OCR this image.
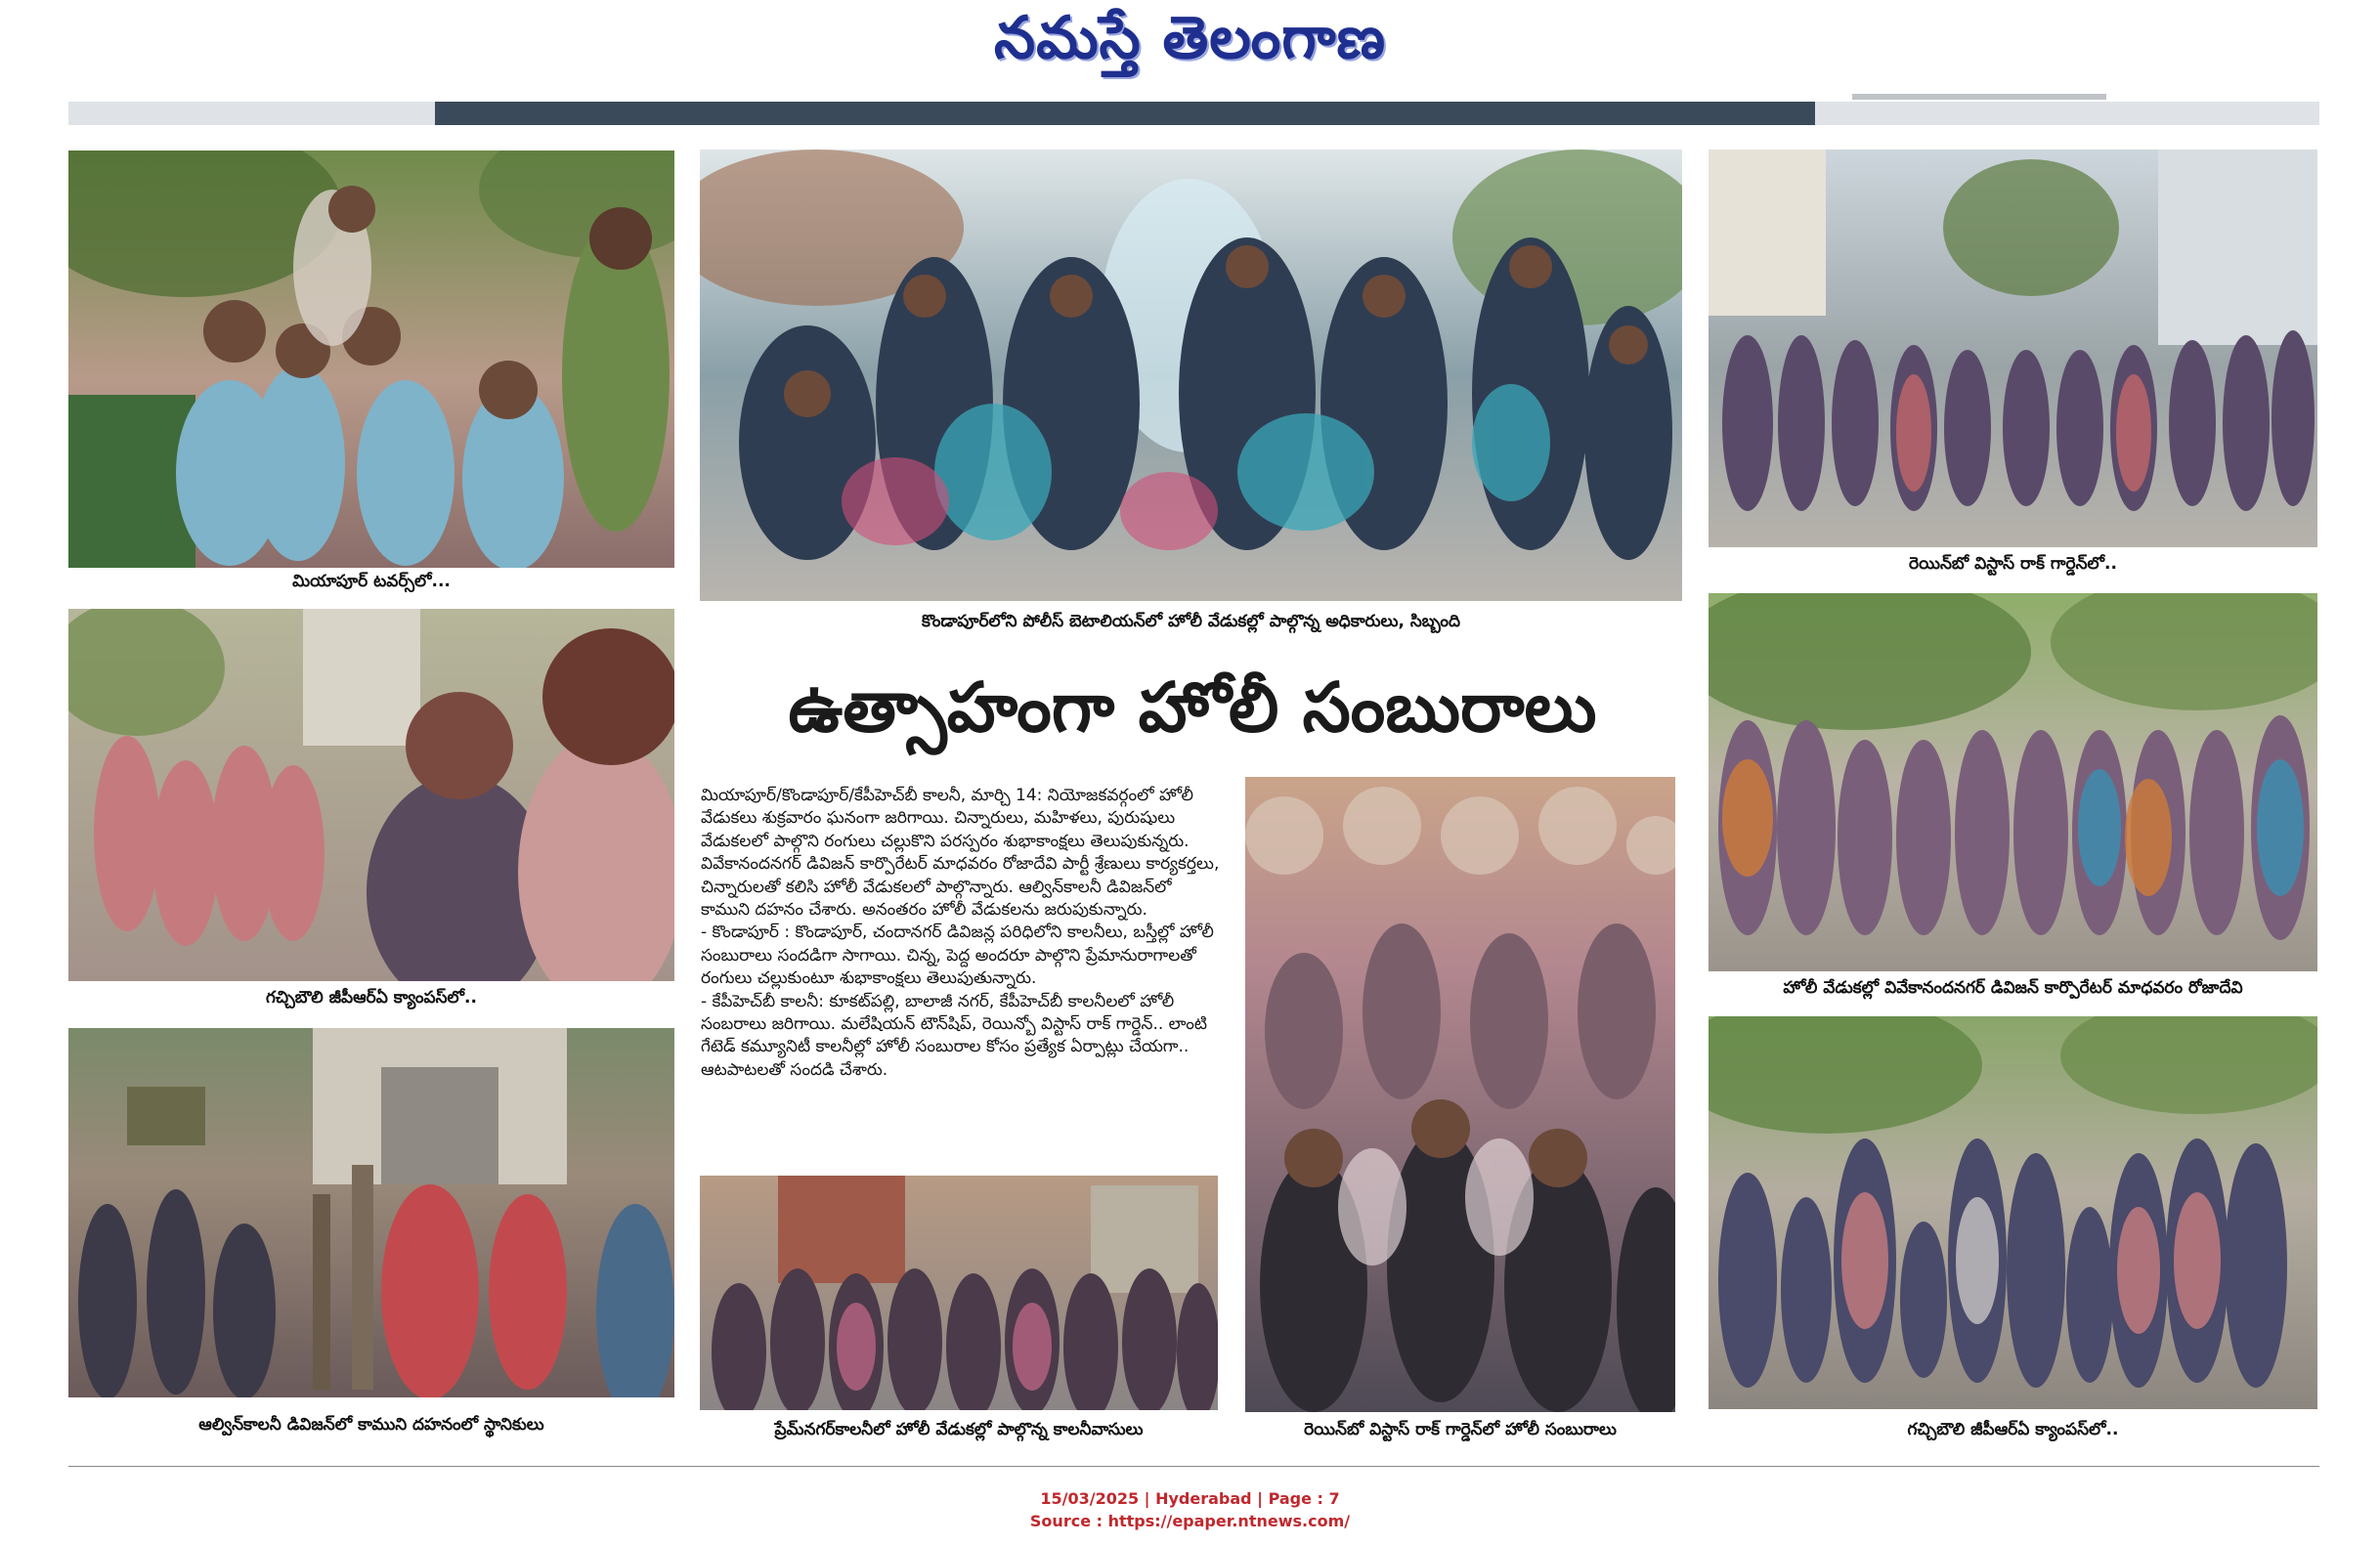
నమస్తే తెలంగాణ
మియాపూర్ టవర్స్‌లో...
కొండాపూర్‌లోని పోలీస్ బెటాలియన్‌లో హోలీ వేడుకల్లో పాల్గొన్న అధికారులు, సిబ్బంది
రెయిన్‌బో విస్టాస్ రాక్ గార్డెన్‌లో..
గచ్చిబౌలి జీపీఆర్ఏ క్యాంపస్‌లో..
ఉత్సాహంగా హోలీ సంబురాలు

మియాపూర్/కొండాపూర్/కేపీహెచ్‌బీ కాలనీ, మార్చి 14: నియోజకవర్గంలో హోలీ వేడుకలు శుక్రవారం ఘనంగా జరిగాయి. చిన్నారులు, మహిళలు, పురుషులు వేడుకలలో పాల్గొని రంగులు చల్లుకొని పరస్పరం శుభాకాంక్షలు తెలుపుకున్నరు. వివేకానందనగర్ డివిజన్ కార్పొరేటర్ మాధవరం రోజాదేవి పార్టీ శ్రేణులు కార్యకర్తలు, చిన్నారులతో కలిసి హోలీ వేడుకలలో పాల్గొన్నారు. ఆల్విన్‌కాలనీ డివిజన్‌లో కాముని దహనం చేశారు. అనంతరం హోలీ వేడుకలను జరుపుకున్నారు.

- కొండాపూర్ : కొండాపూర్, చందానగర్ డివిజన్ల పరిధిలోని కాలనీలు, బస్తీల్లో హోలీ సంబురాలు సందడిగా సాగాయి. చిన్న, పెద్ద అందరూ పాల్గొని ప్రేమానురాగాలతో రంగులు చల్లుకుంటూ శుభాకాంక్షలు తెలుపుతున్నారు.

- కేపీహెచ్‌బీ కాలనీ: కూకట్‌పల్లి, బాలాజీ నగర్, కేపీహెచ్‌బీ కాలనీలలో హోలీ సంబరాలు జరిగాయి. మలేషియన్ టౌన్‌షిప్, రెయిన్బో విస్టాస్ రాక్ గార్డెన్.. లాంటి గేటెడ్ కమ్యూనిటీ కాలనీల్లో హోలీ సంబురాల కోసం ప్రత్యేక ఏర్పాట్లు చేయగా.. ఆటపాటలతో సందడి చేశారు.

రెయిన్‌బో విస్టాస్ రాక్ గార్డెన్‌లో హోలీ సంబురాలు
హోలీ వేడుకల్లో వివేకానందనగర్ డివిజన్ కార్పొరేటర్ మాధవరం రోజాదేవి
ఆల్విన్‌కాలనీ డివిజన్‌లో కాముని దహనంలో స్థానికులు	ప్రేమ్‌నగర్‌కాలనీలో హోలీ వేడుకల్లో పాల్గొన్న కాలనీవాసులు	గచ్చిబౌలి జీపీఆర్ఏ క్యాంపస్‌లో..
15/03/2025 | Hyderabad | Page : 7
Source : https://epaper.ntnews.com/
